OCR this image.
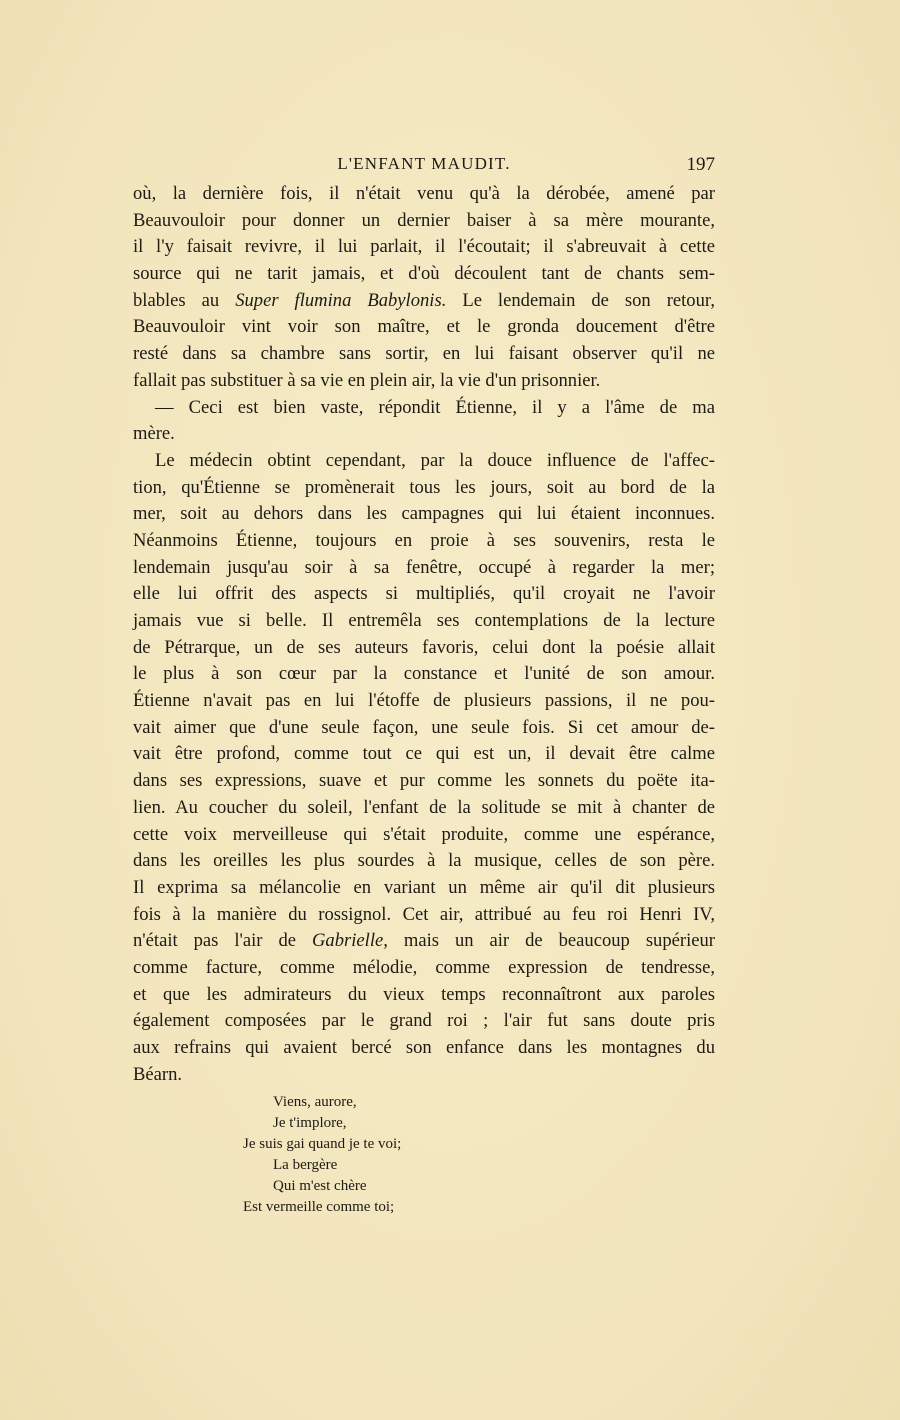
L'ENFANT MAUDIT.	197
où, la dernière fois, il n'était venu qu'à la dérobée, amené par
Beauvouloir pour donner un dernier baiser à sa mère mourante,
il l'y faisait revivre, il lui parlait, il l'écoutait; il s'abreuvait à cette
source qui ne tarit jamais, et d'où découlent tant de chants sem-
blables au Super flumina Babylonis. Le lendemain de son retour,
Beauvouloir vint voir son maître, et le gronda doucement d'être
resté dans sa chambre sans sortir, en lui faisant observer qu'il ne
fallait pas substituer à sa vie en plein air, la vie d'un prisonnier.
— Ceci est bien vaste, répondit Étienne, il y a l'âme de ma
mère.
Le médecin obtint cependant, par la douce influence de l'affec-
tion, qu'Étienne se promènerait tous les jours, soit au bord de la
mer, soit au dehors dans les campagnes qui lui étaient inconnues.
Néanmoins Étienne, toujours en proie à ses souvenirs, resta le
lendemain jusqu'au soir à sa fenêtre, occupé à regarder la mer;
elle lui offrit des aspects si multipliés, qu'il croyait ne l'avoir
jamais vue si belle. Il entremêla ses contemplations de la lecture
de Pétrarque, un de ses auteurs favoris, celui dont la poésie allait
le plus à son cœur par la constance et l'unité de son amour.
Étienne n'avait pas en lui l'étoffe de plusieurs passions, il ne pou-
vait aimer que d'une seule façon, une seule fois. Si cet amour de-
vait être profond, comme tout ce qui est un, il devait être calme
dans ses expressions, suave et pur comme les sonnets du poëte ita-
lien. Au coucher du soleil, l'enfant de la solitude se mit à chanter de
cette voix merveilleuse qui s'était produite, comme une espérance,
dans les oreilles les plus sourdes à la musique, celles de son père.
Il exprima sa mélancolie en variant un même air qu'il dit plusieurs
fois à la manière du rossignol. Cet air, attribué au feu roi Henri IV,
n'était pas l'air de Gabrielle, mais un air de beaucoup supérieur
comme facture, comme mélodie, comme expression de tendresse,
et que les admirateurs du vieux temps reconnaîtront aux paroles
également composées par le grand roi ; l'air fut sans doute pris
aux refrains qui avaient bercé son enfance dans les montagnes du
Béarn.
Viens, aurore,
Je t'implore,
Je suis gai quand je te voi;
La bergère
Qui m'est chère
Est vermeille comme toi;
